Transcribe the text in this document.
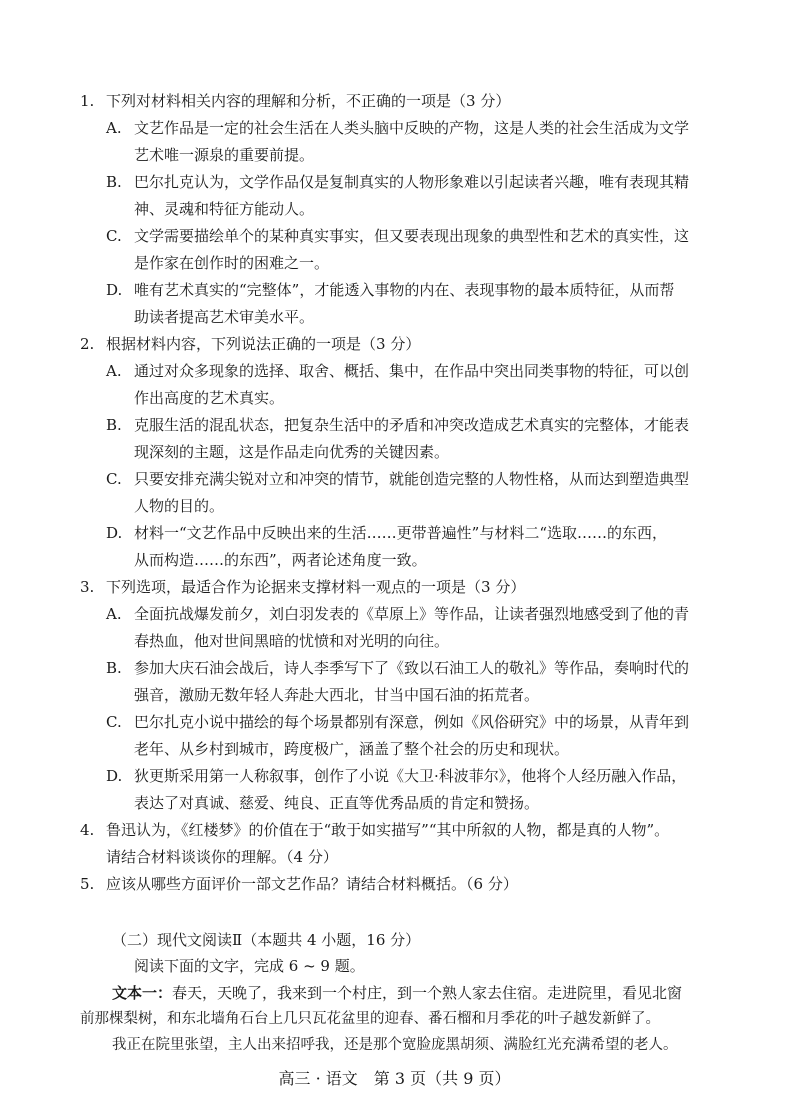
1. 下列对材料相关内容的理解和分析，不正确的一项是（3 分）
A. 文艺作品是一定的社会生活在人类头脑中反映的产物，这是人类的社会生活成为文学
艺术唯一源泉的重要前提。
B. 巴尔扎克认为，文学作品仅是复制真实的人物形象难以引起读者兴趣，唯有表现其精
神、灵魂和特征方能动人。
C. 文学需要描绘单个的某种真实事实，但又要表现出现象的典型性和艺术的真实性，这
是作家在创作时的困难之一。
D. 唯有艺术真实的“完整体”，才能透入事物的内在、表现事物的最本质特征，从而帮
助读者提高艺术审美水平。
2. 根据材料内容，下列说法正确的一项是（3 分）
A. 通过对众多现象的选择、取舍、概括、集中，在作品中突出同类事物的特征，可以创
作出高度的艺术真实。
B. 克服生活的混乱状态，把复杂生活中的矛盾和冲突改造成艺术真实的完整体，才能表
现深刻的主题，这是作品走向优秀的关键因素。
C. 只要安排充满尖锐对立和冲突的情节，就能创造完整的人物性格，从而达到塑造典型
人物的目的。
D. 材料一“文艺作品中反映出来的生活……更带普遍性”与材料二“选取……的东西，
从而构造……的东西”，两者论述角度一致。
3. 下列选项，最适合作为论据来支撑材料一观点的一项是（3 分）
A. 全面抗战爆发前夕，刘白羽发表的《草原上》等作品，让读者强烈地感受到了他的青
春热血，他对世间黑暗的忧愤和对光明的向往。
B. 参加大庆石油会战后，诗人李季写下了《致以石油工人的敬礼》等作品，奏响时代的
强音，激励无数年轻人奔赴大西北，甘当中国石油的拓荒者。
C. 巴尔扎克小说中描绘的每个场景都别有深意，例如《风俗研究》中的场景，从青年到
老年、从乡村到城市，跨度极广，涵盖了整个社会的历史和现状。
D. 狄更斯采用第一人称叙事，创作了小说《大卫·科波菲尔》，他将个人经历融入作品，
表达了对真诚、慈爱、纯良、正直等优秀品质的肯定和赞扬。
4. 鲁迅认为，《红楼梦》的价值在于“敢于如实描写”“其中所叙的人物，都是真的人物”。
请结合材料谈谈你的理解。（4 分）
5. 应该从哪些方面评价一部文艺作品？请结合材料概括。（6 分）
（二）现代文阅读Ⅱ（本题共 4 小题，16 分）
阅读下面的文字，完成 6 ~ 9 题。
文本一：春天，天晚了，我来到一个村庄，到一个熟人家去住宿。走进院里，看见北窗
前那棵梨树，和东北墙角石台上几只瓦花盆里的迎春、番石榴和月季花的叶子越发新鲜了。
我正在院里张望，主人出来招呼我，还是那个宽脸庞黑胡须、满脸红光充满希望的老人。
高三 · 语文　第 3 页（共 9 页）
